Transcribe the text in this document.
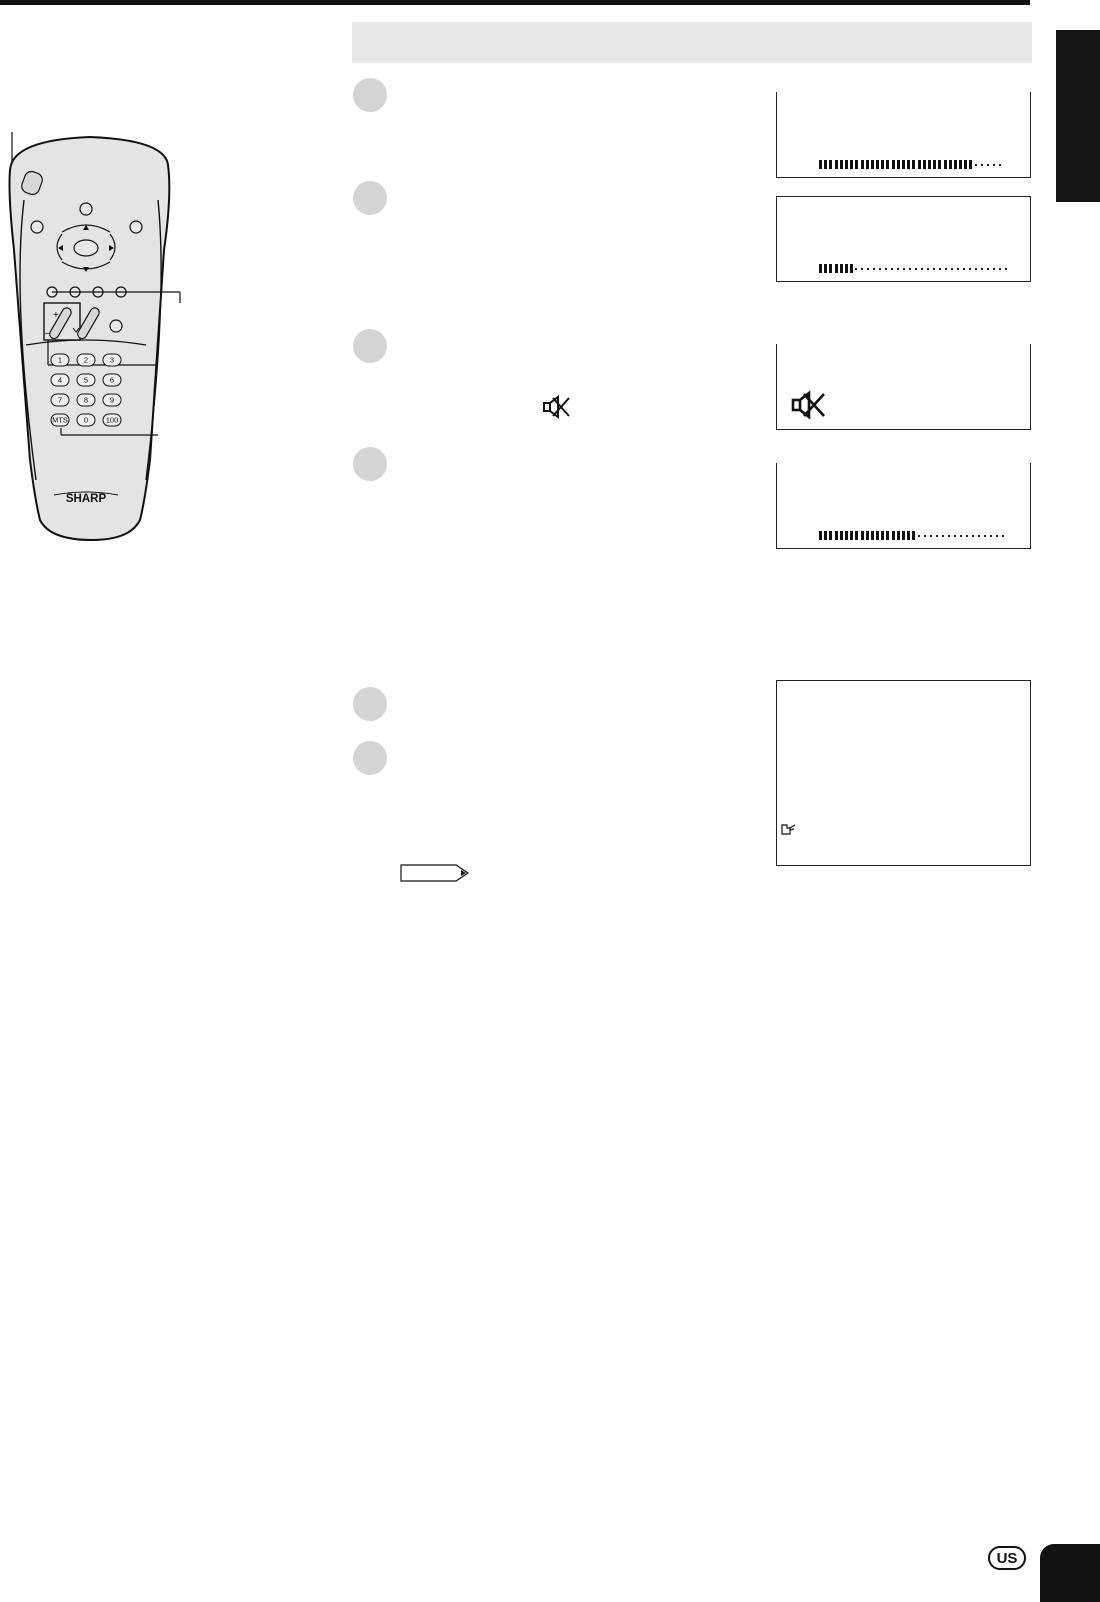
+
–
1	2	3
4	5	6
7	8	9
MTS 0 100
SHARP
US
